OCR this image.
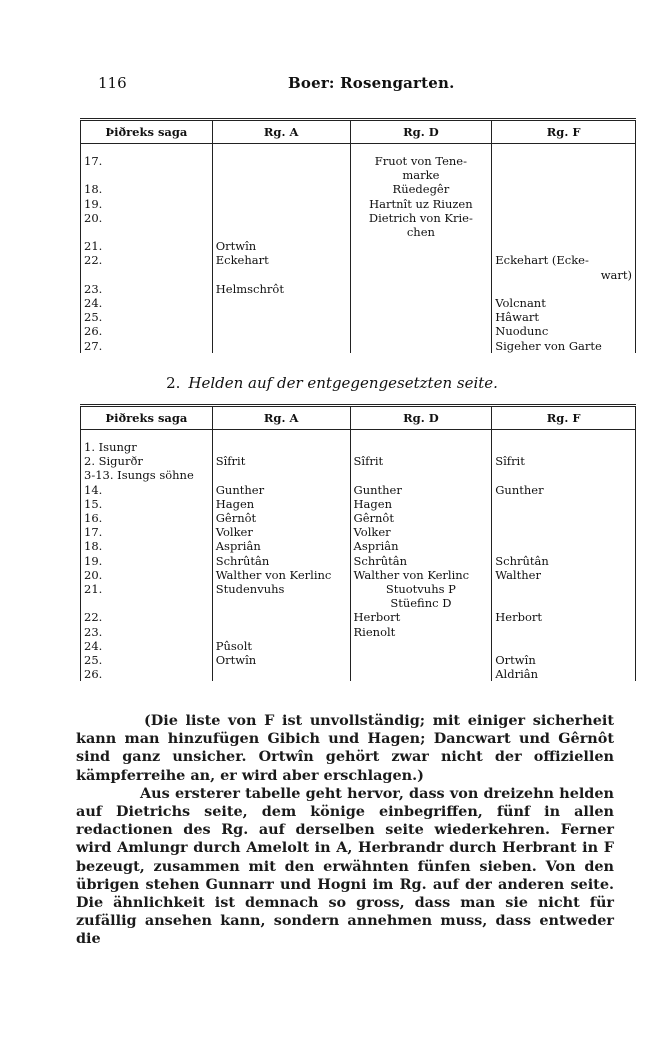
116	Boer: Rosengarten.
Þiðreks saga	Rg. A	Rg. D	Rg. F

17.		Fruot von Tene-	
		marke	
18.		Rüedegêr	
19.		Hartnît uz Riuzen	
20.		Dietrich von Krie-	
		chen	
21.	Ortwîn		
22.	Eckehart		Eckehart (Ecke-
			wart)
23.	Helmschrôt		
24.			Volcnant
25.			Hâwart
26.			Nuodunc
27.			Sigeher von Garte
2. Helden auf der entgegengesetzten seite.
Þiðreks saga	Rg. A	Rg. D	Rg. F

1. Isungr			
2. Sigurðr	Sîfrit	Sîfrit	Sîfrit
3-13. Isungs söhne			
14.	Gunther	Gunther	Gunther
15.	Hagen	Hagen	
16.	Gêrnôt	Gêrnôt	
17.	Volker	Volker	
18.	Aspriân	Aspriân	
19.	Schrûtân	Schrûtân	Schrûtân
20.	Walther von Kerlinc	Walther von Kerlinc	Walther
21.	Studenvuhs	Stuotvuhs P	
		Stüefinc D	
22.		Herbort	Herbort
23.		Rienolt	
24.	Pûsolt		
25.	Ortwîn		Ortwîn
26.			Aldriân

(Die liste von F ist unvollständig; mit einiger sicherheit kann man hinzufügen Gibich und Hagen; Dancwart und Gêrnôt sind ganz unsicher. Ortwîn gehört zwar nicht der offiziellen kämpferreihe an, er wird aber erschlagen.)

Aus ersterer tabelle geht hervor, dass von dreizehn helden auf Dietrichs seite, dem könige einbegriffen, fünf in allen redactionen des Rg. auf derselben seite wiederkehren. Ferner wird Amlungr durch Amelolt in A, Herbrandr durch Herbrant in F bezeugt, zusammen mit den erwähnten fünfen sieben. Von den übrigen stehen Gunnarr und Hogni im Rg. auf der anderen seite. Die ähnlichkeit ist demnach so gross, dass man sie nicht für zufällig ansehen kann, sondern annehmen muss, dass entweder die
